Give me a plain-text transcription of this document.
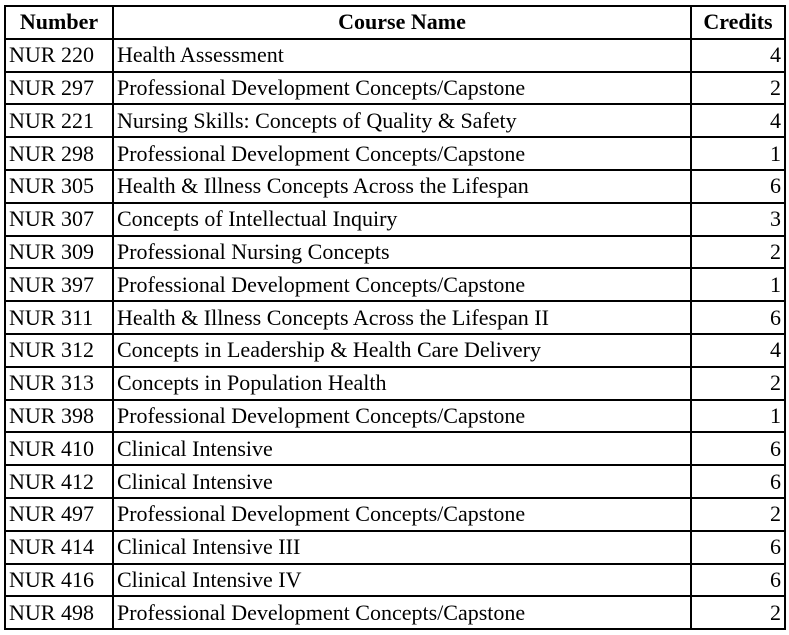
Number	Course Name	Credits
NUR 220	Health Assessment	4
NUR 297	Professional Development Concepts/Capstone	2
NUR 221	Nursing Skills: Concepts of Quality & Safety	4
NUR 298	Professional Development Concepts/Capstone	1
NUR 305	Health & Illness Concepts Across the Lifespan	6
NUR 307	Concepts of Intellectual Inquiry	3
NUR 309	Professional Nursing Concepts	2
NUR 397	Professional Development Concepts/Capstone	1
NUR 311	Health & Illness Concepts Across the Lifespan II	6
NUR 312	Concepts in Leadership & Health Care Delivery	4
NUR 313	Concepts in Population Health	2
NUR 398	Professional Development Concepts/Capstone	1
NUR 410	Clinical Intensive	6
NUR 412	Clinical Intensive	6
NUR 497	Professional Development Concepts/Capstone	2
NUR 414	Clinical Intensive III	6
NUR 416	Clinical Intensive IV	6
NUR 498	Professional Development Concepts/Capstone	2
